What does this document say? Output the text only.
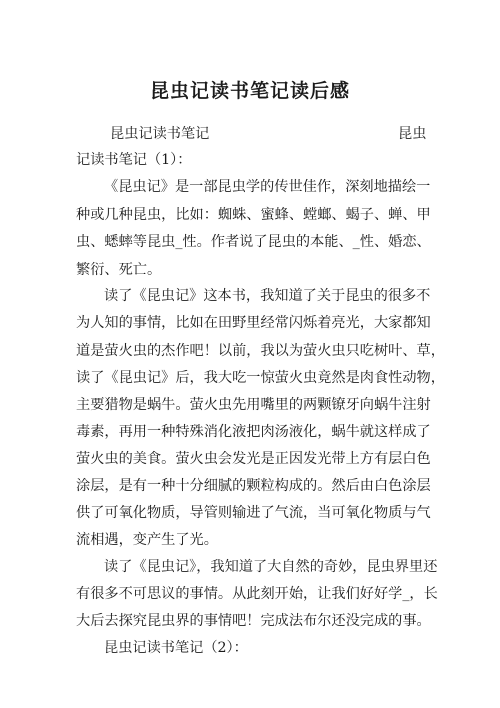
昆虫记读书笔记读后感
昆虫记读书笔记	昆虫
记读书笔记（1）：
《昆虫记》是一部昆虫学的传世佳作，深刻地描绘一
种或几种昆虫，比如：蜘蛛、蜜蜂、螳螂、蝎子、蝉、甲
虫、蟋蟀等昆虫_性。作者说了昆虫的本能、_性、婚恋、
繁衍、死亡。
读了《昆虫记》这本书，我知道了关于昆虫的很多不
为人知的事情，比如在田野里经常闪烁着亮光，大家都知
道是萤火虫的杰作吧！以前，我以为萤火虫只吃树叶、草，
读了《昆虫记》后，我大吃一惊萤火虫竟然是肉食性动物，
主要猎物是蜗牛。萤火虫先用嘴里的两颗镣牙向蜗牛注射
毒素，再用一种特殊消化液把肉汤液化，蜗牛就这样成了
萤火虫的美食。萤火虫会发光是正因发光带上方有层白色
涂层，是有一种十分细腻的颗粒构成的。然后由白色涂层
供了可氧化物质，导管则输进了气流，当可氧化物质与气
流相遇，变产生了光。
读了《昆虫记》，我知道了大自然的奇妙，昆虫界里还
有很多不可思议的事情。从此刻开始，让我们好好学_，长
大后去探究昆虫界的事情吧！完成法布尔还没完成的事。
昆虫记读书笔记（2）：
